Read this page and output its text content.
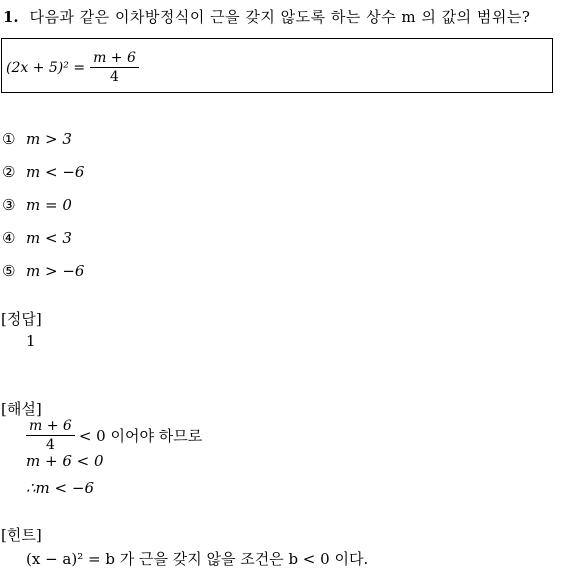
1. 다음과 같은 이차방정식이 근을 갖지 않도록 하는 상수 m 의 값의 범위는?
$(2x + 5)^2 = \frac{m + 6}{4}$
① m > 3
② m < −6
③ m = 0
④ m < 3
⑤ m > −6
[정답]
1
[해설]
$\frac{m + 6}{4} < 0$ 이어야 하므로
m + 6 < 0
∴m < −6
[힌트]
(x − a)² = b 가 근을 갖지 않을 조건은 b < 0 이다.
